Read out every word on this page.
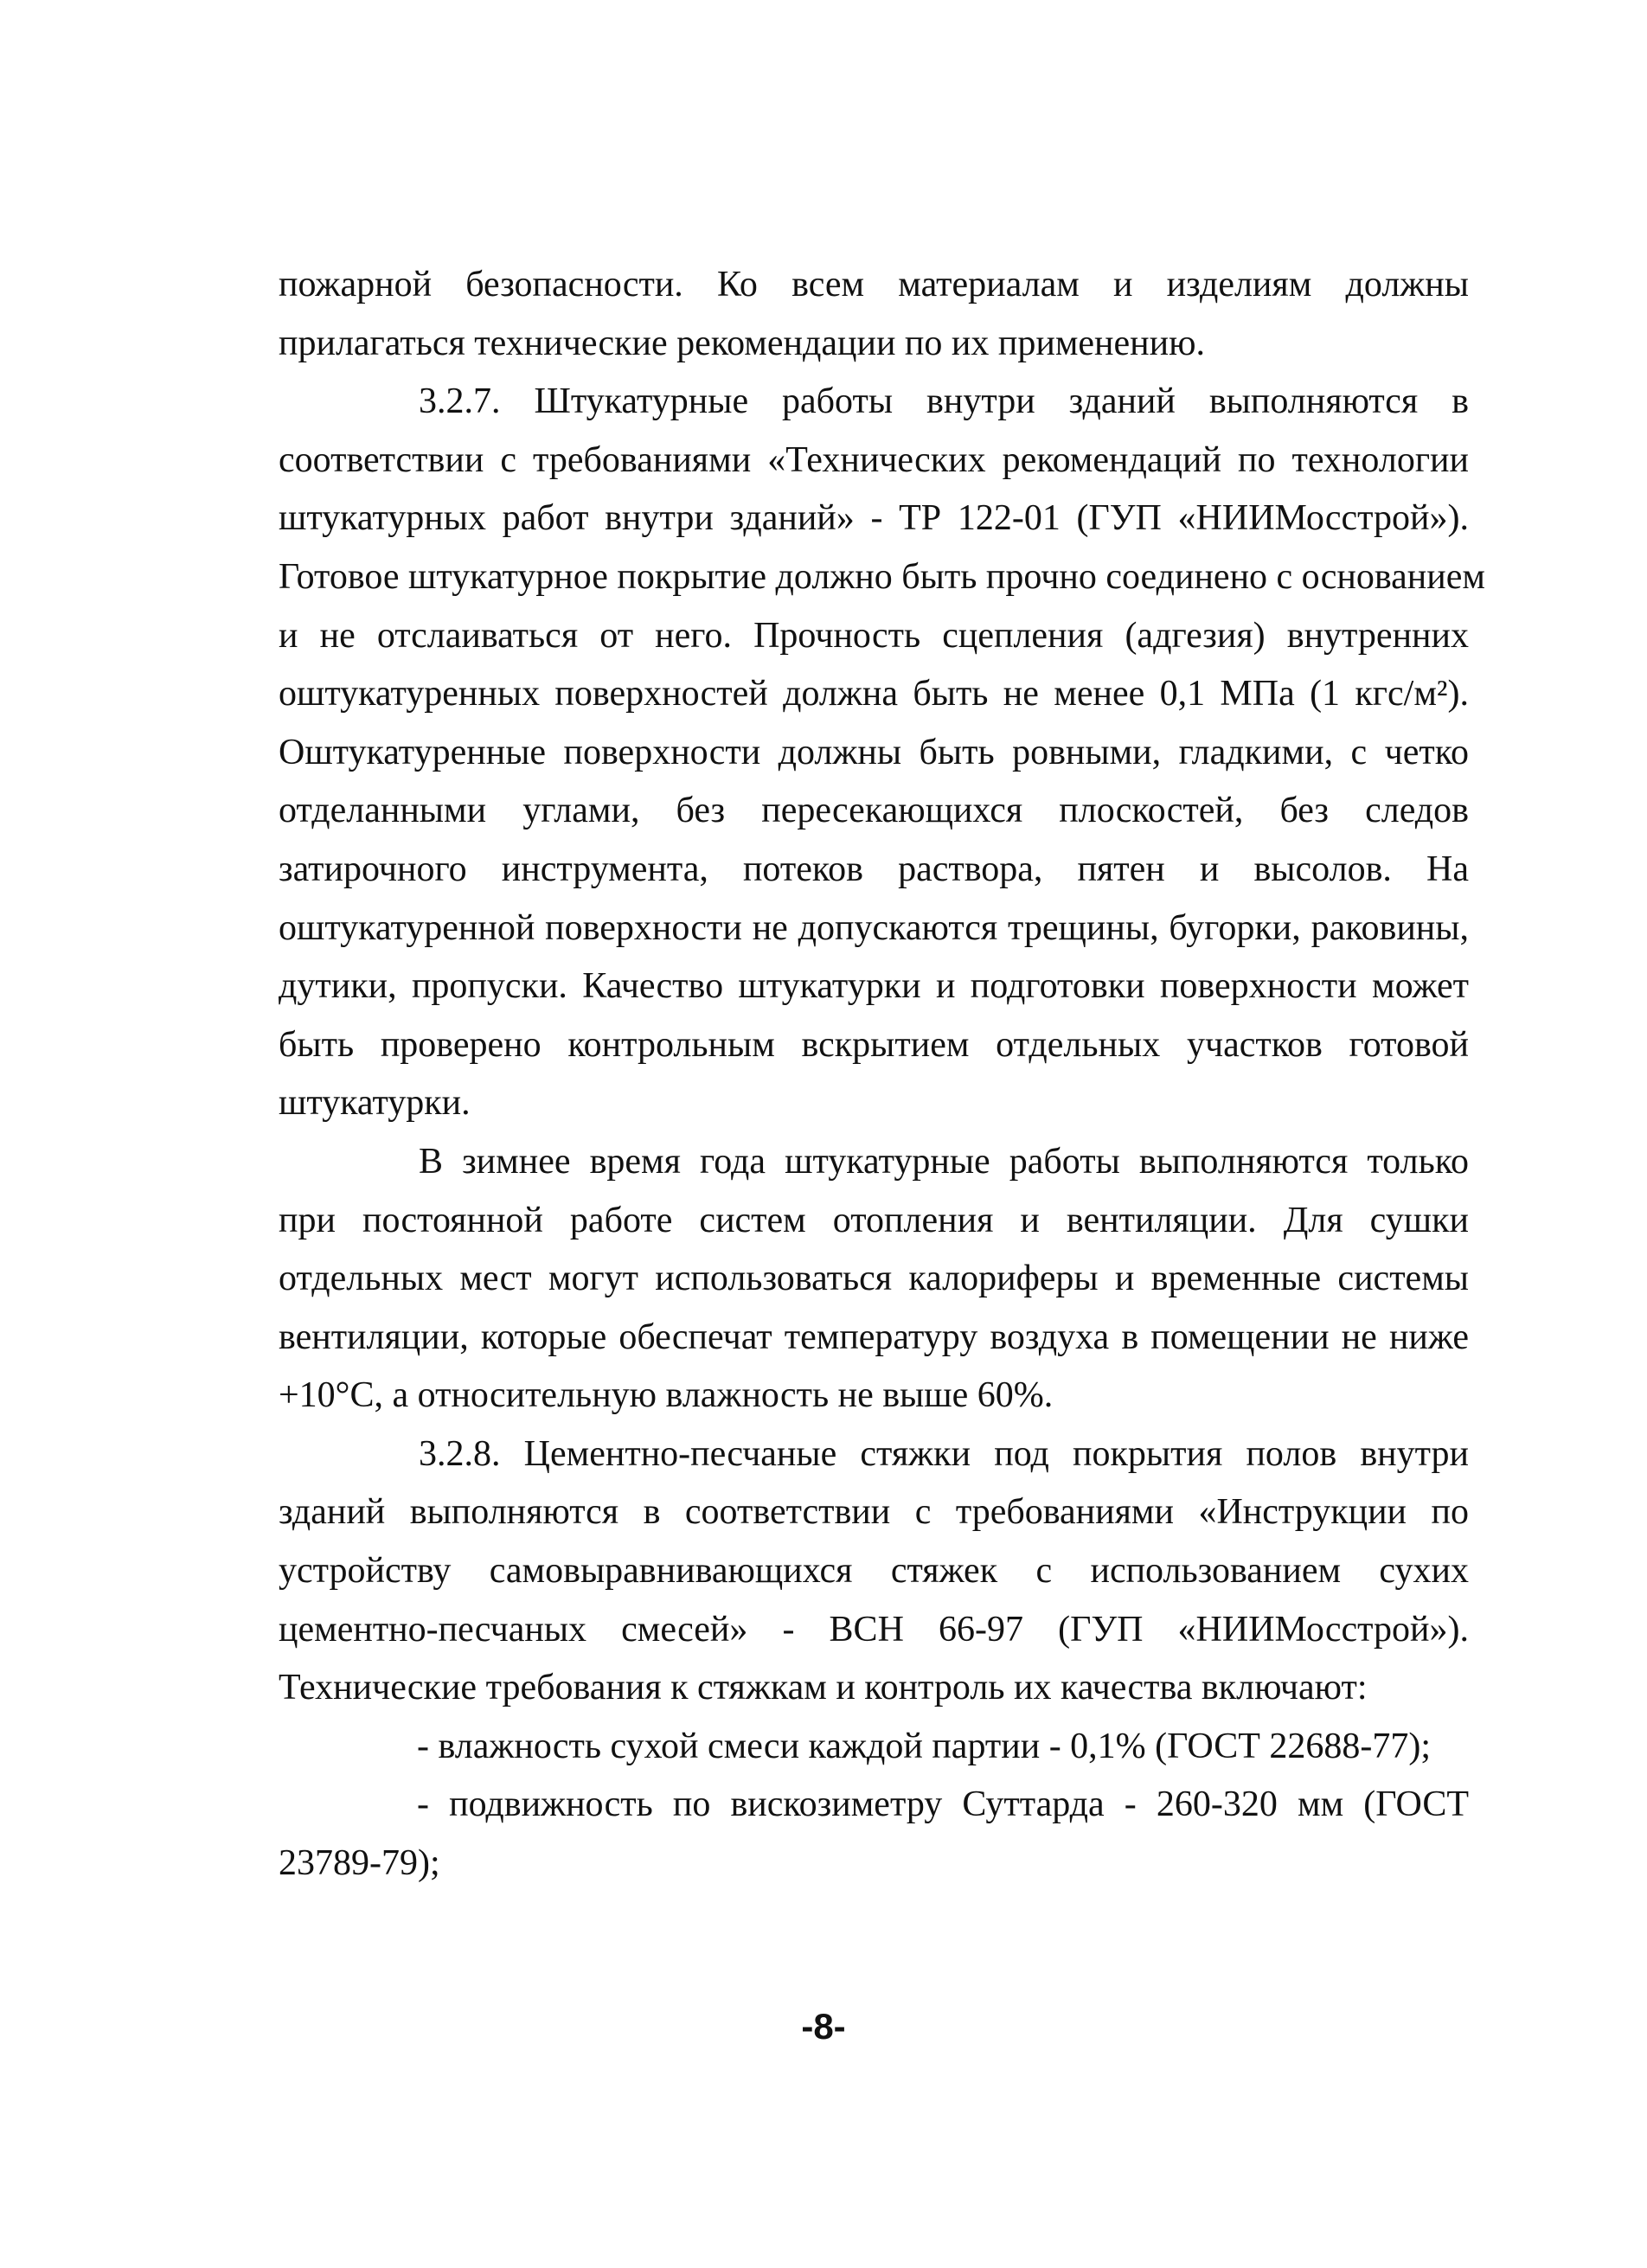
пожарной безопасности. Ко всем материалам и изделиям должны
прилагаться технические рекомендации по их применению.
3.2.7. Штукатурные работы внутри зданий выполняются в
соответствии с требованиями «Технических рекомендаций по технологии
штукатурных работ внутри зданий» - ТР 122-01 (ГУП «НИИМосстрой»).
Готовое штукатурное покрытие должно быть прочно соединено с основанием
и не отслаиваться от него. Прочность сцепления (адгезия) внутренних
оштукатуренных поверхностей должна быть не менее 0,1 МПа (1 кгс/м²).
Оштукатуренные поверхности должны быть ровными, гладкими, с четко
отделанными углами, без пересекающихся плоскостей, без следов
затирочного инструмента, потеков раствора, пятен и высолов. На
оштукатуренной поверхности не допускаются трещины, бугорки, раковины,
дутики, пропуски. Качество штукатурки и подготовки поверхности может
быть проверено контрольным вскрытием отдельных участков готовой
штукатурки.
В зимнее время года штукатурные работы выполняются только
при постоянной работе систем отопления и вентиляции. Для сушки
отдельных мест могут использоваться калориферы и временные системы
вентиляции, которые обеспечат температуру воздуха в помещении не ниже
+10°С, а относительную влажность не выше 60%.
3.2.8. Цементно-песчаные стяжки под покрытия полов внутри
зданий выполняются в соответствии с требованиями «Инструкции по
устройству самовыравнивающихся стяжек с использованием сухих
цементно-песчаных смесей» - ВСН 66-97 (ГУП «НИИМосстрой»).
Технические требования к стяжкам и контроль их качества включают:
- влажность сухой смеси каждой партии - 0,1% (ГОСТ 22688-77);
- подвижность по вискозиметру Суттарда - 260-320 мм (ГОСТ
23789-79);
-8-
